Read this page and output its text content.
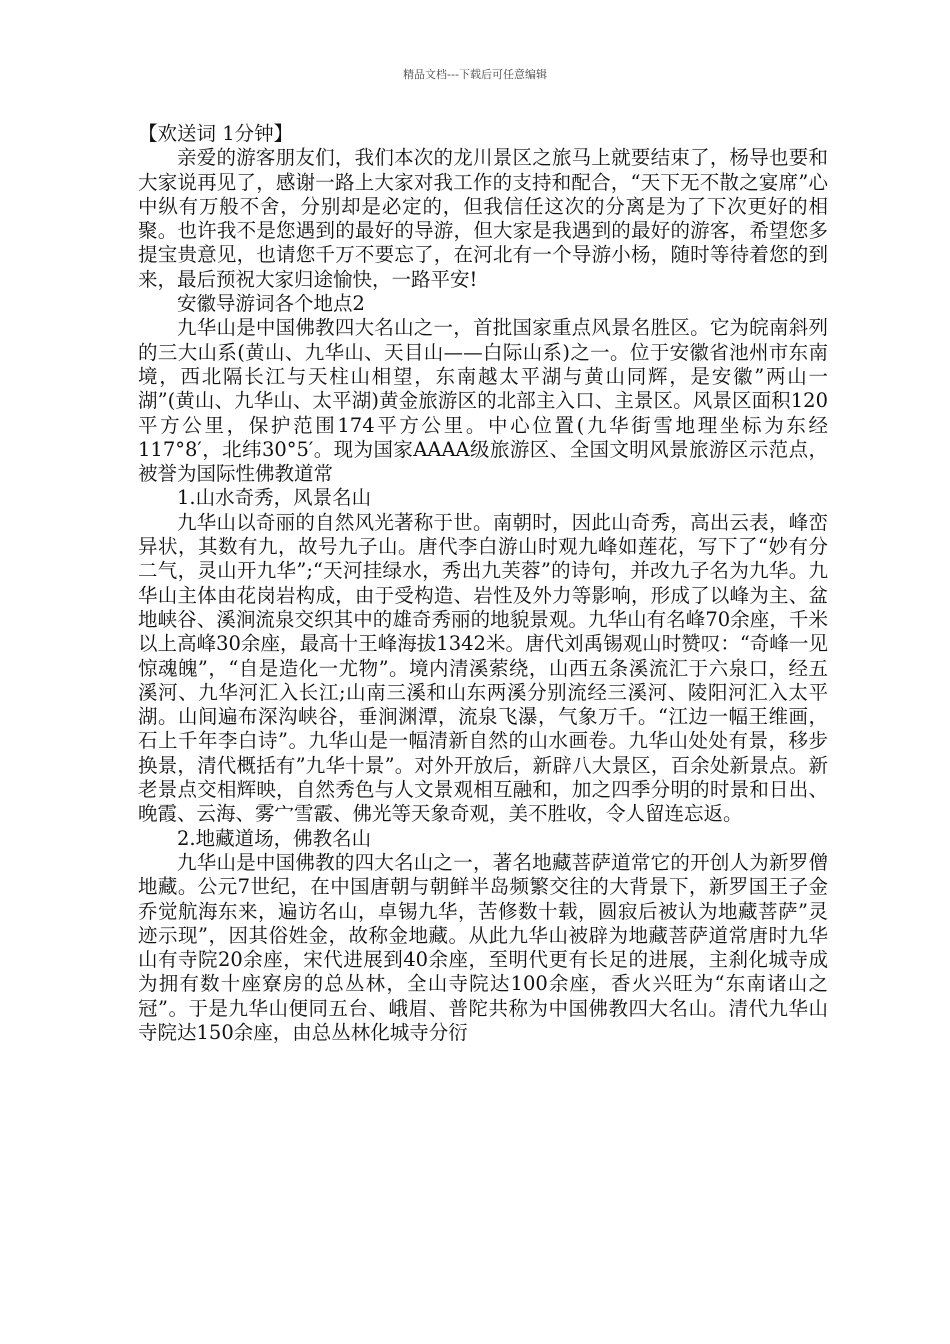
精品文档---下载后可任意编辑

【欢送词 1分钟】

亲爱的游客朋友们，我们本次的龙川景区之旅马上就要结束了，杨导也要和大家说再见了，感谢一路上大家对我工作的支持和配合，“天下无不散之宴席”心中纵有万般不舍，分别却是必定的，但我信任这次的分离是为了下次更好的相聚。也许我不是您遇到的最好的导游，但大家是我遇到的最好的游客，希望您多提宝贵意见，也请您千万不要忘了，在河北有一个导游小杨，随时等待着您的到来，最后预祝大家归途愉快，一路平安!

安徽导游词各个地点2

九华山是中国佛教四大名山之一，首批国家重点风景名胜区。它为皖南斜列的三大山系(黄山、九华山、天目山——白际山系)之一。位于安徽省池州市东南境，西北隔长江与天柱山相望，东南越太平湖与黄山同辉，是安徽”两山一湖”(黄山、九华山、太平湖)黄金旅游区的北部主入口、主景区。风景区面积120平方公里，保护范围174平方公里。中心位置(九华街雪地理坐标为东经117°8′，北纬30°5′。现为国家AAAA级旅游区、全国文明风景旅游区示范点，被誉为国际性佛教道常

1.山水奇秀，风景名山

九华山以奇丽的自然风光著称于世。南朝时，因此山奇秀，高出云表，峰峦异状，其数有九，故号九子山。唐代李白游山时观九峰如莲花，写下了“妙有分二气，灵山开九华”;“天河挂绿水，秀出九芙蓉”的诗句，并改九子名为九华。九华山主体由花岗岩构成，由于受构造、岩性及外力等影响，形成了以峰为主、盆地峡谷、溪涧流泉交织其中的雄奇秀丽的地貌景观。九华山有名峰70余座，千米以上高峰30余座，最高十王峰海拔1342米。唐代刘禹锡观山时赞叹：“奇峰一见惊魂魄”，“自是造化一尤物”。境内清溪萦绕，山西五条溪流汇于六泉口，经五溪河、九华河汇入长江;山南三溪和山东两溪分别流经三溪河、陵阳河汇入太平湖。山间遍布深沟峡谷，垂涧渊潭，流泉飞瀑，气象万千。“江边一幅王维画，石上千年李白诗”。九华山是一幅清新自然的山水画卷。九华山处处有景，移步换景，清代概括有”九华十景”。对外开放后，新辟八大景区，百余处新景点。新老景点交相辉映，自然秀色与人文景观相互融和，加之四季分明的时景和日出、晚霞、云海、雾宀雪霰、佛光等天象奇观，美不胜收，令人留连忘返。

2.地藏道场，佛教名山

九华山是中国佛教的四大名山之一，著名地藏菩萨道常它的开创人为新罗僧地藏。公元7世纪，在中国唐朝与朝鲜半岛频繁交往的大背景下，新罗国王子金乔觉航海东来，遍访名山，卓锡九华，苦修数十载，圆寂后被认为地藏菩萨”灵迹示现”，因其俗姓金，故称金地藏。从此九华山被辟为地藏菩萨道常唐时九华山有寺院20余座，宋代进展到40余座，至明代更有长足的进展，主刹化城寺成为拥有数十座寮房的总丛林，全山寺院达100余座，香火兴旺为“东南诸山之冠”。于是九华山便同五台、峨眉、普陀共称为中国佛教四大名山。清代九华山寺院达150余座，由总丛林化城寺分衍
